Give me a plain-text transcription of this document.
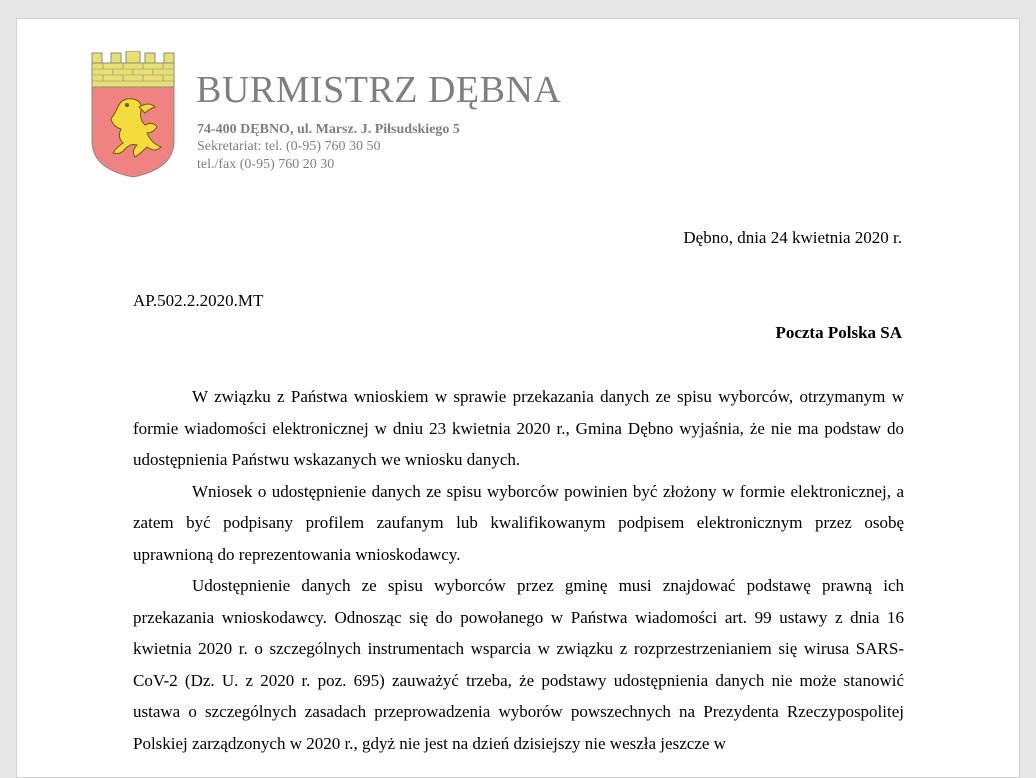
BURMISTRZ DĘBNA
74-400 DĘBNO, ul. Marsz. J. Piłsudskiego 5
Sekretariat: tel. (0-95) 760 30 50
tel./fax (0-95) 760 20 30
Dębno, dnia 24 kwietnia 2020 r.
AP.502.2.2020.MT
Poczta Polska SA

W związku z Państwa wnioskiem w sprawie przekazania danych ze spisu wyborców, otrzymanym w formie wiadomości elektronicznej w dniu 23 kwietnia 2020 r., Gmina Dębno wyjaśnia, że nie ma podstaw do udostępnienia Państwu wskazanych we wniosku danych.

Wniosek o udostępnienie danych ze spisu wyborców powinien być złożony w formie elektronicznej, a zatem być podpisany profilem zaufanym lub kwalifikowanym podpisem elektronicznym przez osobę uprawnioną do reprezentowania wnioskodawcy.

Udostępnienie danych ze spisu wyborców przez gminę musi znajdować podstawę prawną ich przekazania wnioskodawcy. Odnosząc się do powołanego w Państwa wiadomości art. 99 ustawy z dnia 16 kwietnia 2020 r. o szczególnych instrumentach wsparcia w związku z rozprzestrzenianiem się wirusa SARS-CoV-2 (Dz. U. z 2020 r. poz. 695) zauważyć trzeba, że podstawy udostępnienia danych nie może stanowić ustawa o szczególnych zasadach przeprowadzenia wyborów powszechnych na Prezydenta Rzeczypospolitej Polskiej zarządzonych w 2020 r., gdyż nie jest na dzień dzisiejszy nie weszła jeszcze w
